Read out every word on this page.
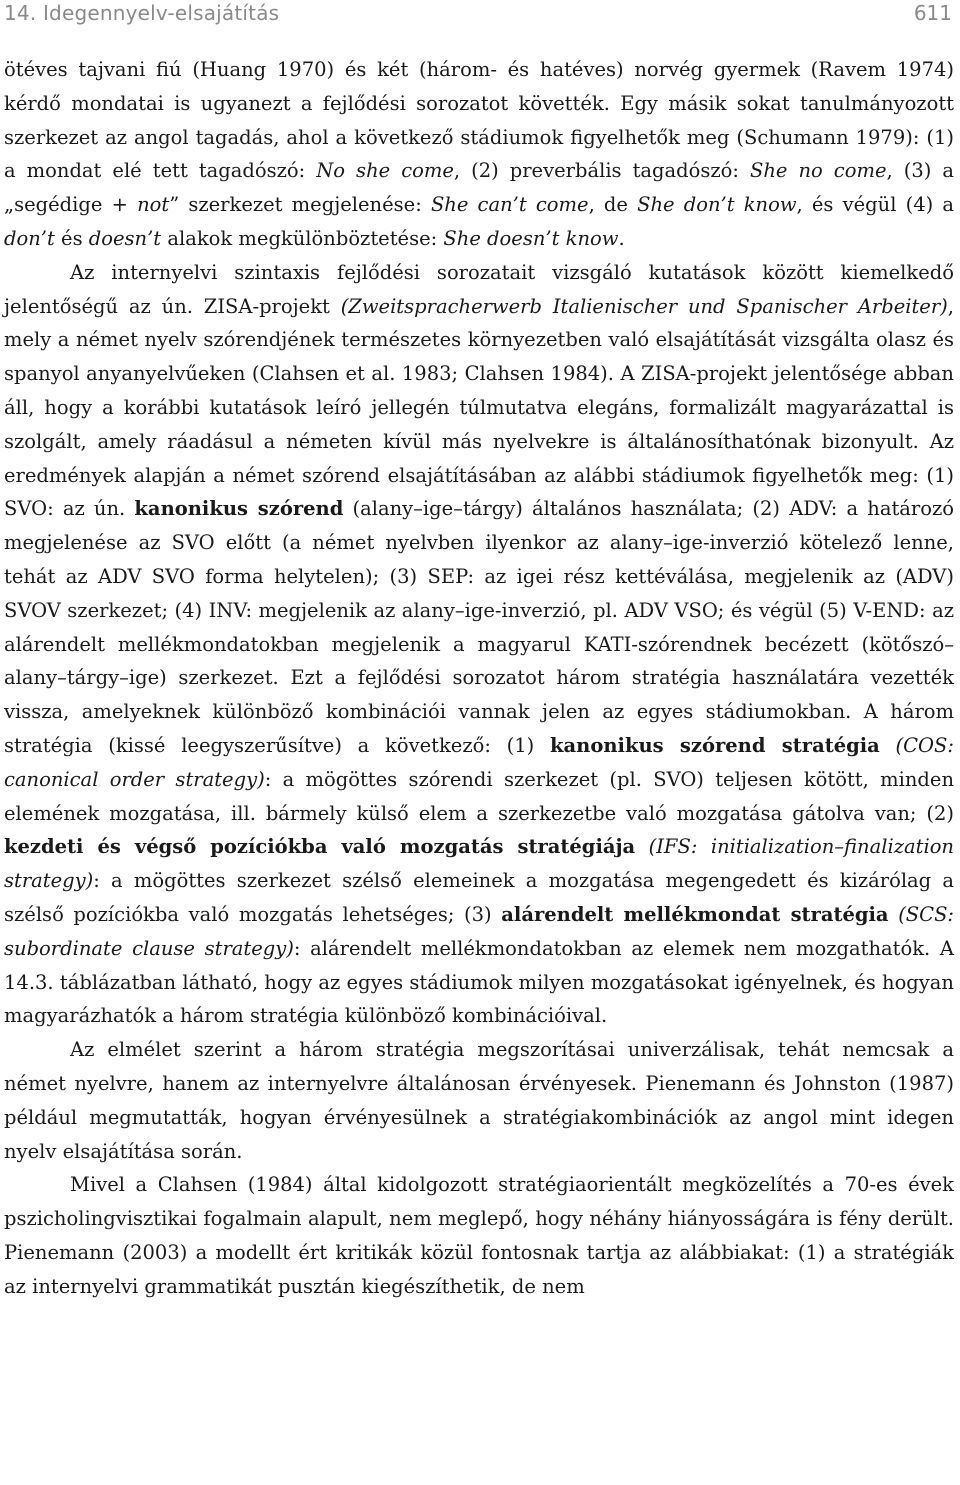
14. Idegennyelv-elsajátítás	611

ötéves tajvani fiú (Huang 1970) és két (három- és hatéves) norvég gyermek (Ravem 1974) kérdő mondatai is ugyanezt a fejlődési sorozatot követték. Egy másik sokat tanulmányozott szerkezet az angol tagadás, ahol a következő stádiumok figyelhetők meg (Schumann 1979): (1) a mondat elé tett tagadószó: No she come, (2) preverbális tagadószó: She no come, (3) a „segédige + not” szerkezet megjelenése: She can’t come, de She don’t know, és végül (4) a don’t és doesn’t alakok megkülönböztetése: She doesn’t know.

Az internyelvi szintaxis fejlődési sorozatait vizsgáló kutatások között kiemelkedő jelentőségű az ún. ZISA-projekt (Zweitspracherwerb Italienischer und Spanischer Arbeiter), mely a német nyelv szórendjének természetes környezetben való elsajátítását vizsgálta olasz és spanyol anyanyelvűeken (Clahsen et al. 1983; Clahsen 1984). A ZISA-projekt jelentősége abban áll, hogy a korábbi kutatások leíró jellegén túlmutatva elegáns, formalizált magyarázattal is szolgált, amely ráadásul a németen kívül más nyelvekre is általánosíthatónak bizonyult. Az eredmények alapján a német szórend elsajátításában az alábbi stádiumok figyelhetők meg: (1) SVO: az ún. kanonikus szórend (alany–ige–tárgy) általános használata; (2) ADV: a határozó megjelenése az SVO előtt (a német nyelvben ilyenkor az alany–ige-inverzió kötelező lenne, tehát az ADV SVO forma helytelen); (3) SEP: az igei rész kettéválása, megjelenik az (ADV) SVOV szerkezet; (4) INV: megjelenik az alany–ige-inverzió, pl. ADV VSO; és végül (5) V-END: az alárendelt mellékmondatokban megjelenik a magyarul KATI-szórendnek becézett (kötőszó–alany–tárgy–ige) szerkezet. Ezt a fejlődési sorozatot három stratégia használatára vezették vissza, amelyeknek különböző kombinációi vannak jelen az egyes stádiumokban. A három stratégia (kissé leegyszerűsítve) a következő: (1) kanonikus szórend stratégia (COS: canonical order strategy): a mögöttes szórendi szerkezet (pl. SVO) teljesen kötött, minden elemének mozgatása, ill. bármely külső elem a szerkezetbe való mozgatása gátolva van; (2) kezdeti és végső pozíciókba való mozgatás stratégiája (IFS: initialization–finalization strategy): a mögöttes szerkezet szélső elemeinek a mozgatása megengedett és kizárólag a szélső pozíciókba való mozgatás lehetséges; (3) alárendelt mellékmondat stratégia (SCS: subordinate clause strategy): alárendelt mellékmondatokban az elemek nem mozgathatók. A 14.3. táblázatban látható, hogy az egyes stádiumok milyen mozgatásokat igényelnek, és hogyan magyarázhatók a három stratégia különböző kombinációival.

Az elmélet szerint a három stratégia megszorításai univerzálisak, tehát nemcsak a német nyelvre, hanem az internyelvre általánosan érvényesek. Pienemann és Johnston (1987) például megmutatták, hogyan érvényesülnek a stratégiakombinációk az angol mint idegen nyelv elsajátítása során.

Mivel a Clahsen (1984) által kidolgozott stratégiaorientált megközelítés a 70-es évek pszicholingvisztikai fogalmain alapult, nem meglepő, hogy néhány hiányosságára is fény derült. Pienemann (2003) a modellt ért kritikák közül fontosnak tartja az alábbiakat: (1) a stratégiák az internyelvi grammatikát pusztán kiegészíthetik, de nem
